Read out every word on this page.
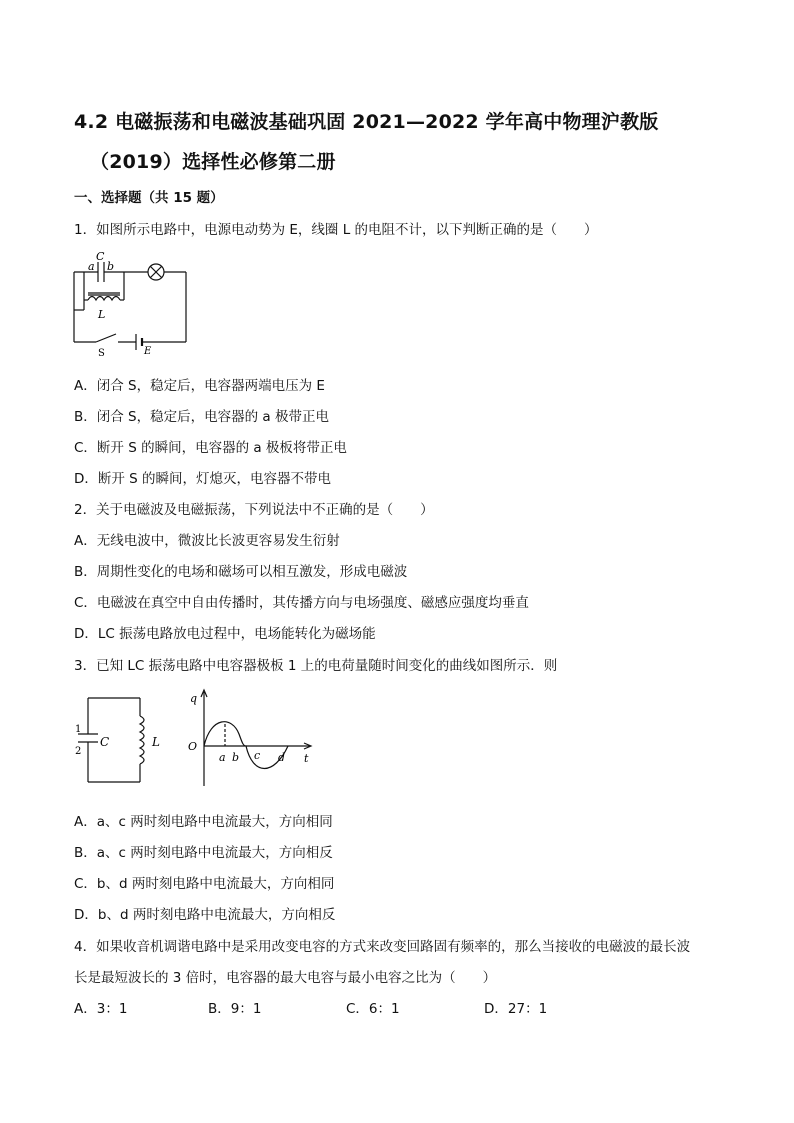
4.2 电磁振荡和电磁波基础巩固 2021—2022 学年高中物理沪教版
（2019）选择性必修第二册
一、选择题（共 15 题）
1．如图所示电路中，电源电动势为 E，线圈 L 的电阻不计，以下判断正确的是（　　）
a
C
b
L
S	E
A．闭合 S，稳定后，电容器两端电压为 E
B．闭合 S，稳定后，电容器的 a 极带正电
C．断开 S 的瞬间，电容器的 a 极板将带正电
D．断开 S 的瞬间，灯熄灭，电容器不带电
2．关于电磁波及电磁振荡，下列说法中不正确的是（　　）
A．无线电波中，微波比长波更容易发生衍射
B．周期性变化的电场和磁场可以相互激发，形成电磁波
C．电磁波在真空中自由传播时，其传播方向与电场强度、磁感应强度均垂直
D．LC 振荡电路放电过程中，电场能转化为磁场能
3．已知 LC 振荡电路中电容器极板 1 上的电荷量随时间变化的曲线如图所示．则
1
2
C	L
q
O
a b c d t
A．a、c 两时刻电路中电流最大，方向相同
B．a、c 两时刻电路中电流最大，方向相反
C．b、d 两时刻电路中电流最大，方向相同
D．b、d 两时刻电路中电流最大，方向相反
4．如果收音机调谐电路中是采用改变电容的方式来改变回路固有频率的，那么当接收的电磁波的最长波
长是最短波长的 3 倍时，电容器的最大电容与最小电容之比为（　　）
A．3：1	B．9：1	C．6：1	D．27：1
